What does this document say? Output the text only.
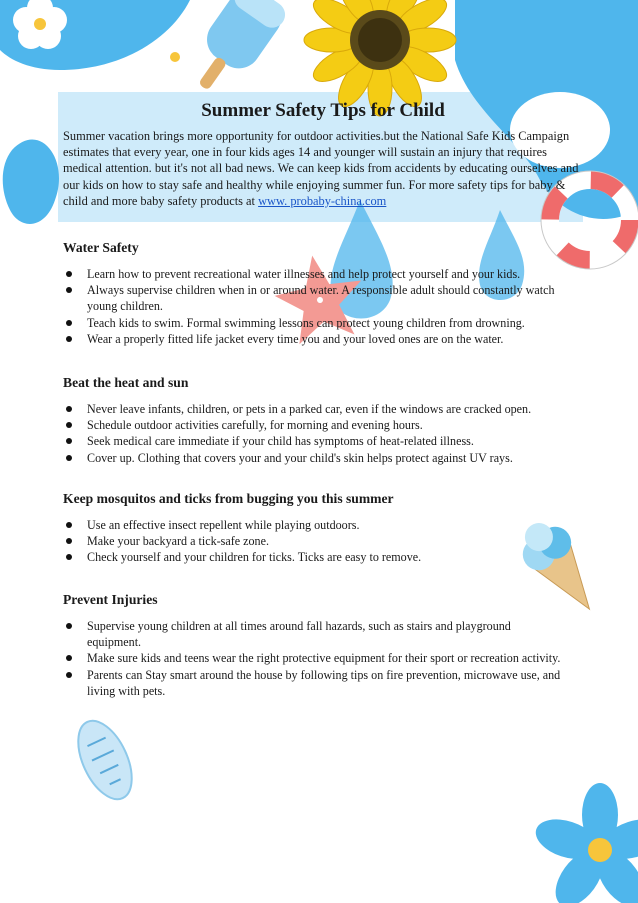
Summer Safety Tips for Child

Summer vacation brings more opportunity for outdoor activities.but the National Safe Kids Campaign estimates that every year, one in four kids ages 14 and younger will sustain an injury that requires medical attention. but it's not all bad news. We can keep kids from accidents by educating ourselves and our kids on how to stay safe and healthy while enjoying summer fun. For more safety tips for baby & child and more baby safety products at www. probaby-china.com

Water Safety
Learn how to prevent recreational water illnesses and help protect yourself and your kids.
Always supervise children when in or around water. A responsible adult should constantly watch young children.
Teach kids to swim. Formal swimming lessons can protect young children from drowning.
Wear a properly fitted life jacket every time you and your loved ones are on the water.
Beat the heat and sun
Never leave infants, children, or pets in a parked car, even if the windows are cracked open.
Schedule outdoor activities carefully, for morning and evening hours.
Seek medical care immediate if your child has symptoms of heat-related illness.
Cover up. Clothing that covers your and your child's skin helps protect against UV rays.
Keep mosquitos and ticks from bugging you this summer
Use an effective insect repellent while playing outdoors.
Make your backyard a tick-safe zone.
Check yourself and your children for ticks. Ticks are easy to remove.
Prevent Injuries
Supervise young children at all times around fall hazards, such as stairs and playground equipment.
Make sure kids and teens wear the right protective equipment for their sport or recreation activity.
Parents can Stay smart around the house by following tips on fire prevention, microwave use, and living with pets.
